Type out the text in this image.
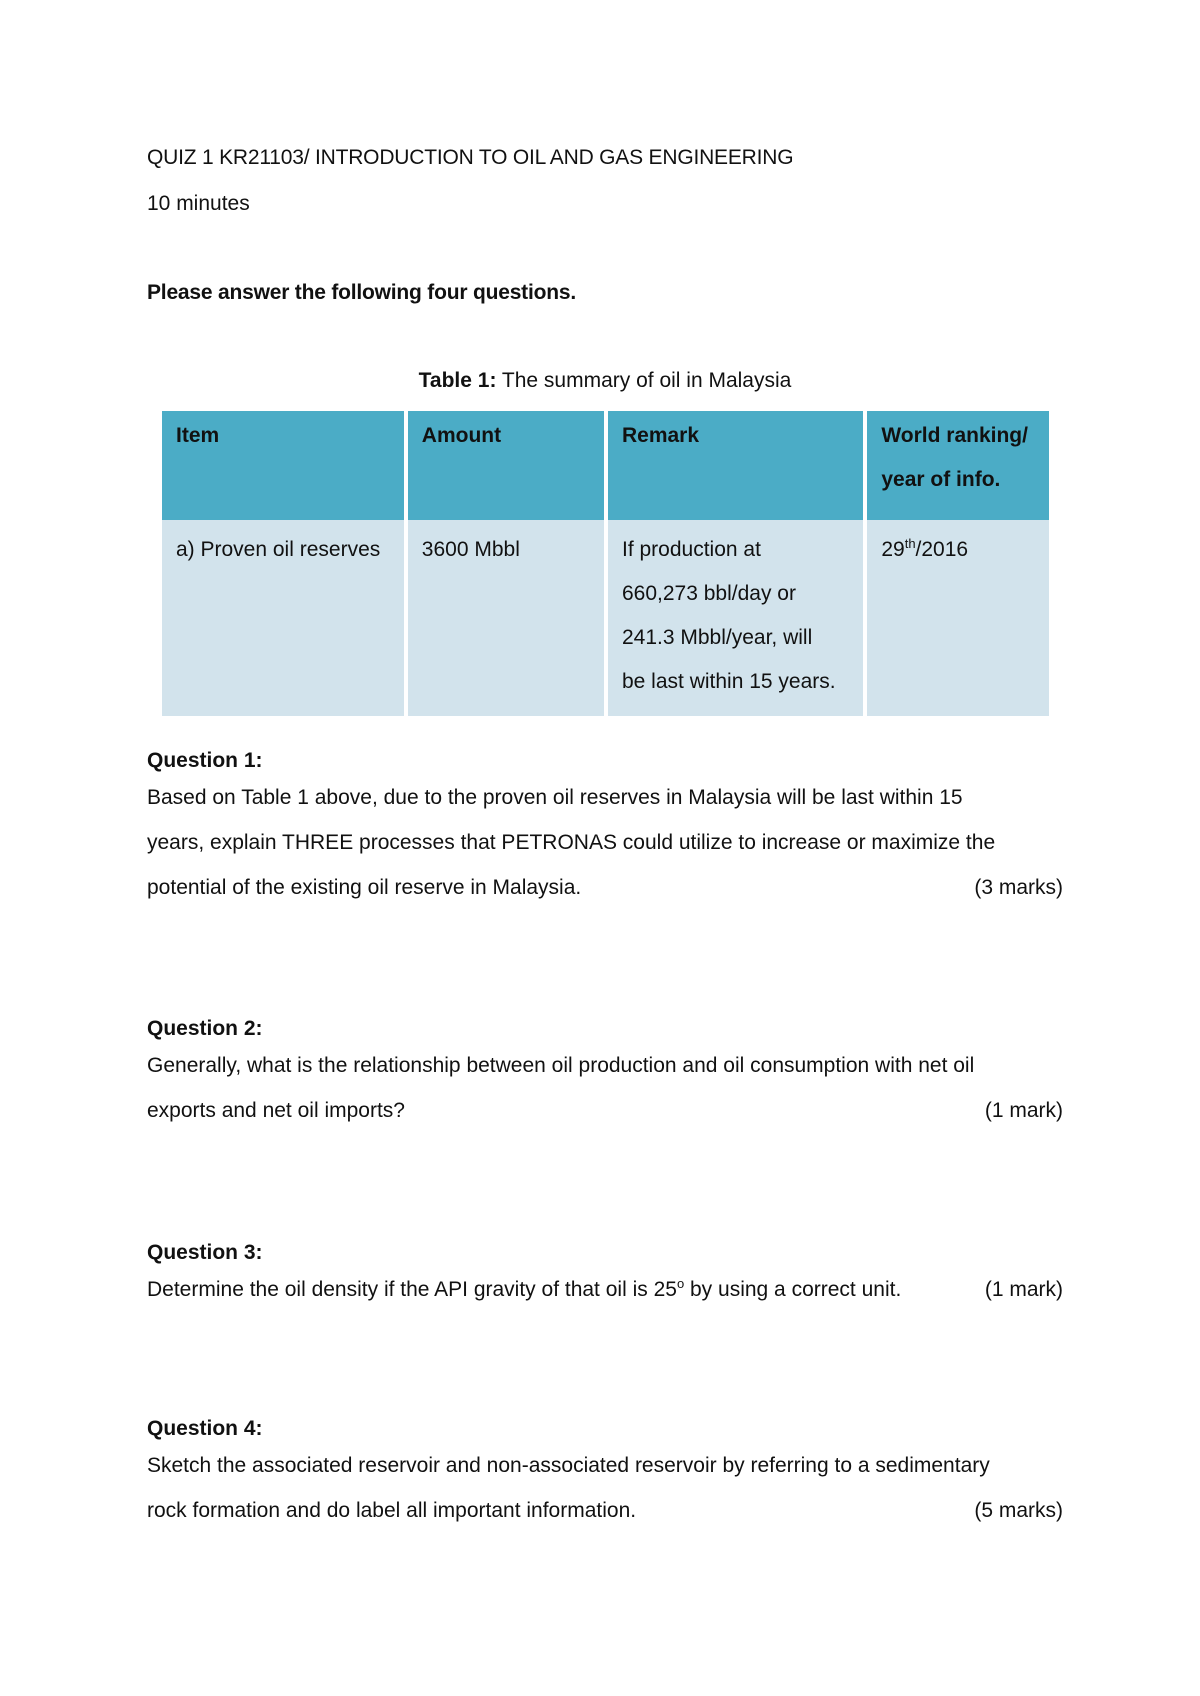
QUIZ 1 KR21103/ INTRODUCTION TO OIL AND GAS ENGINEERING
10 minutes
Please answer the following four questions.
Table 1: The summary of oil in Malaysia
Item	Amount	Remark	World ranking/
year of info.

a) Proven oil reserves	3600 Mbbl	If production at
660,273 bbl/day or
241.3 Mbbl/year, will
be last within 15 years.	29th/2016
Question 1:
Based on Table 1 above, due to the proven oil reserves in Malaysia will be last within 15
years, explain THREE processes that PETRONAS could utilize to increase or maximize the
potential of the existing oil reserve in Malaysia.	(3 marks)
Question 2:
Generally, what is the relationship between oil production and oil consumption with net oil
exports and net oil imports?	(1 mark)
Question 3:
Determine the oil density if the API gravity of that oil is 25$^o$ by using a correct unit.	(1 mark)
Question 4:
Sketch the associated reservoir and non-associated reservoir by referring to a sedimentary
rock formation and do label all important information.	(5 marks)
